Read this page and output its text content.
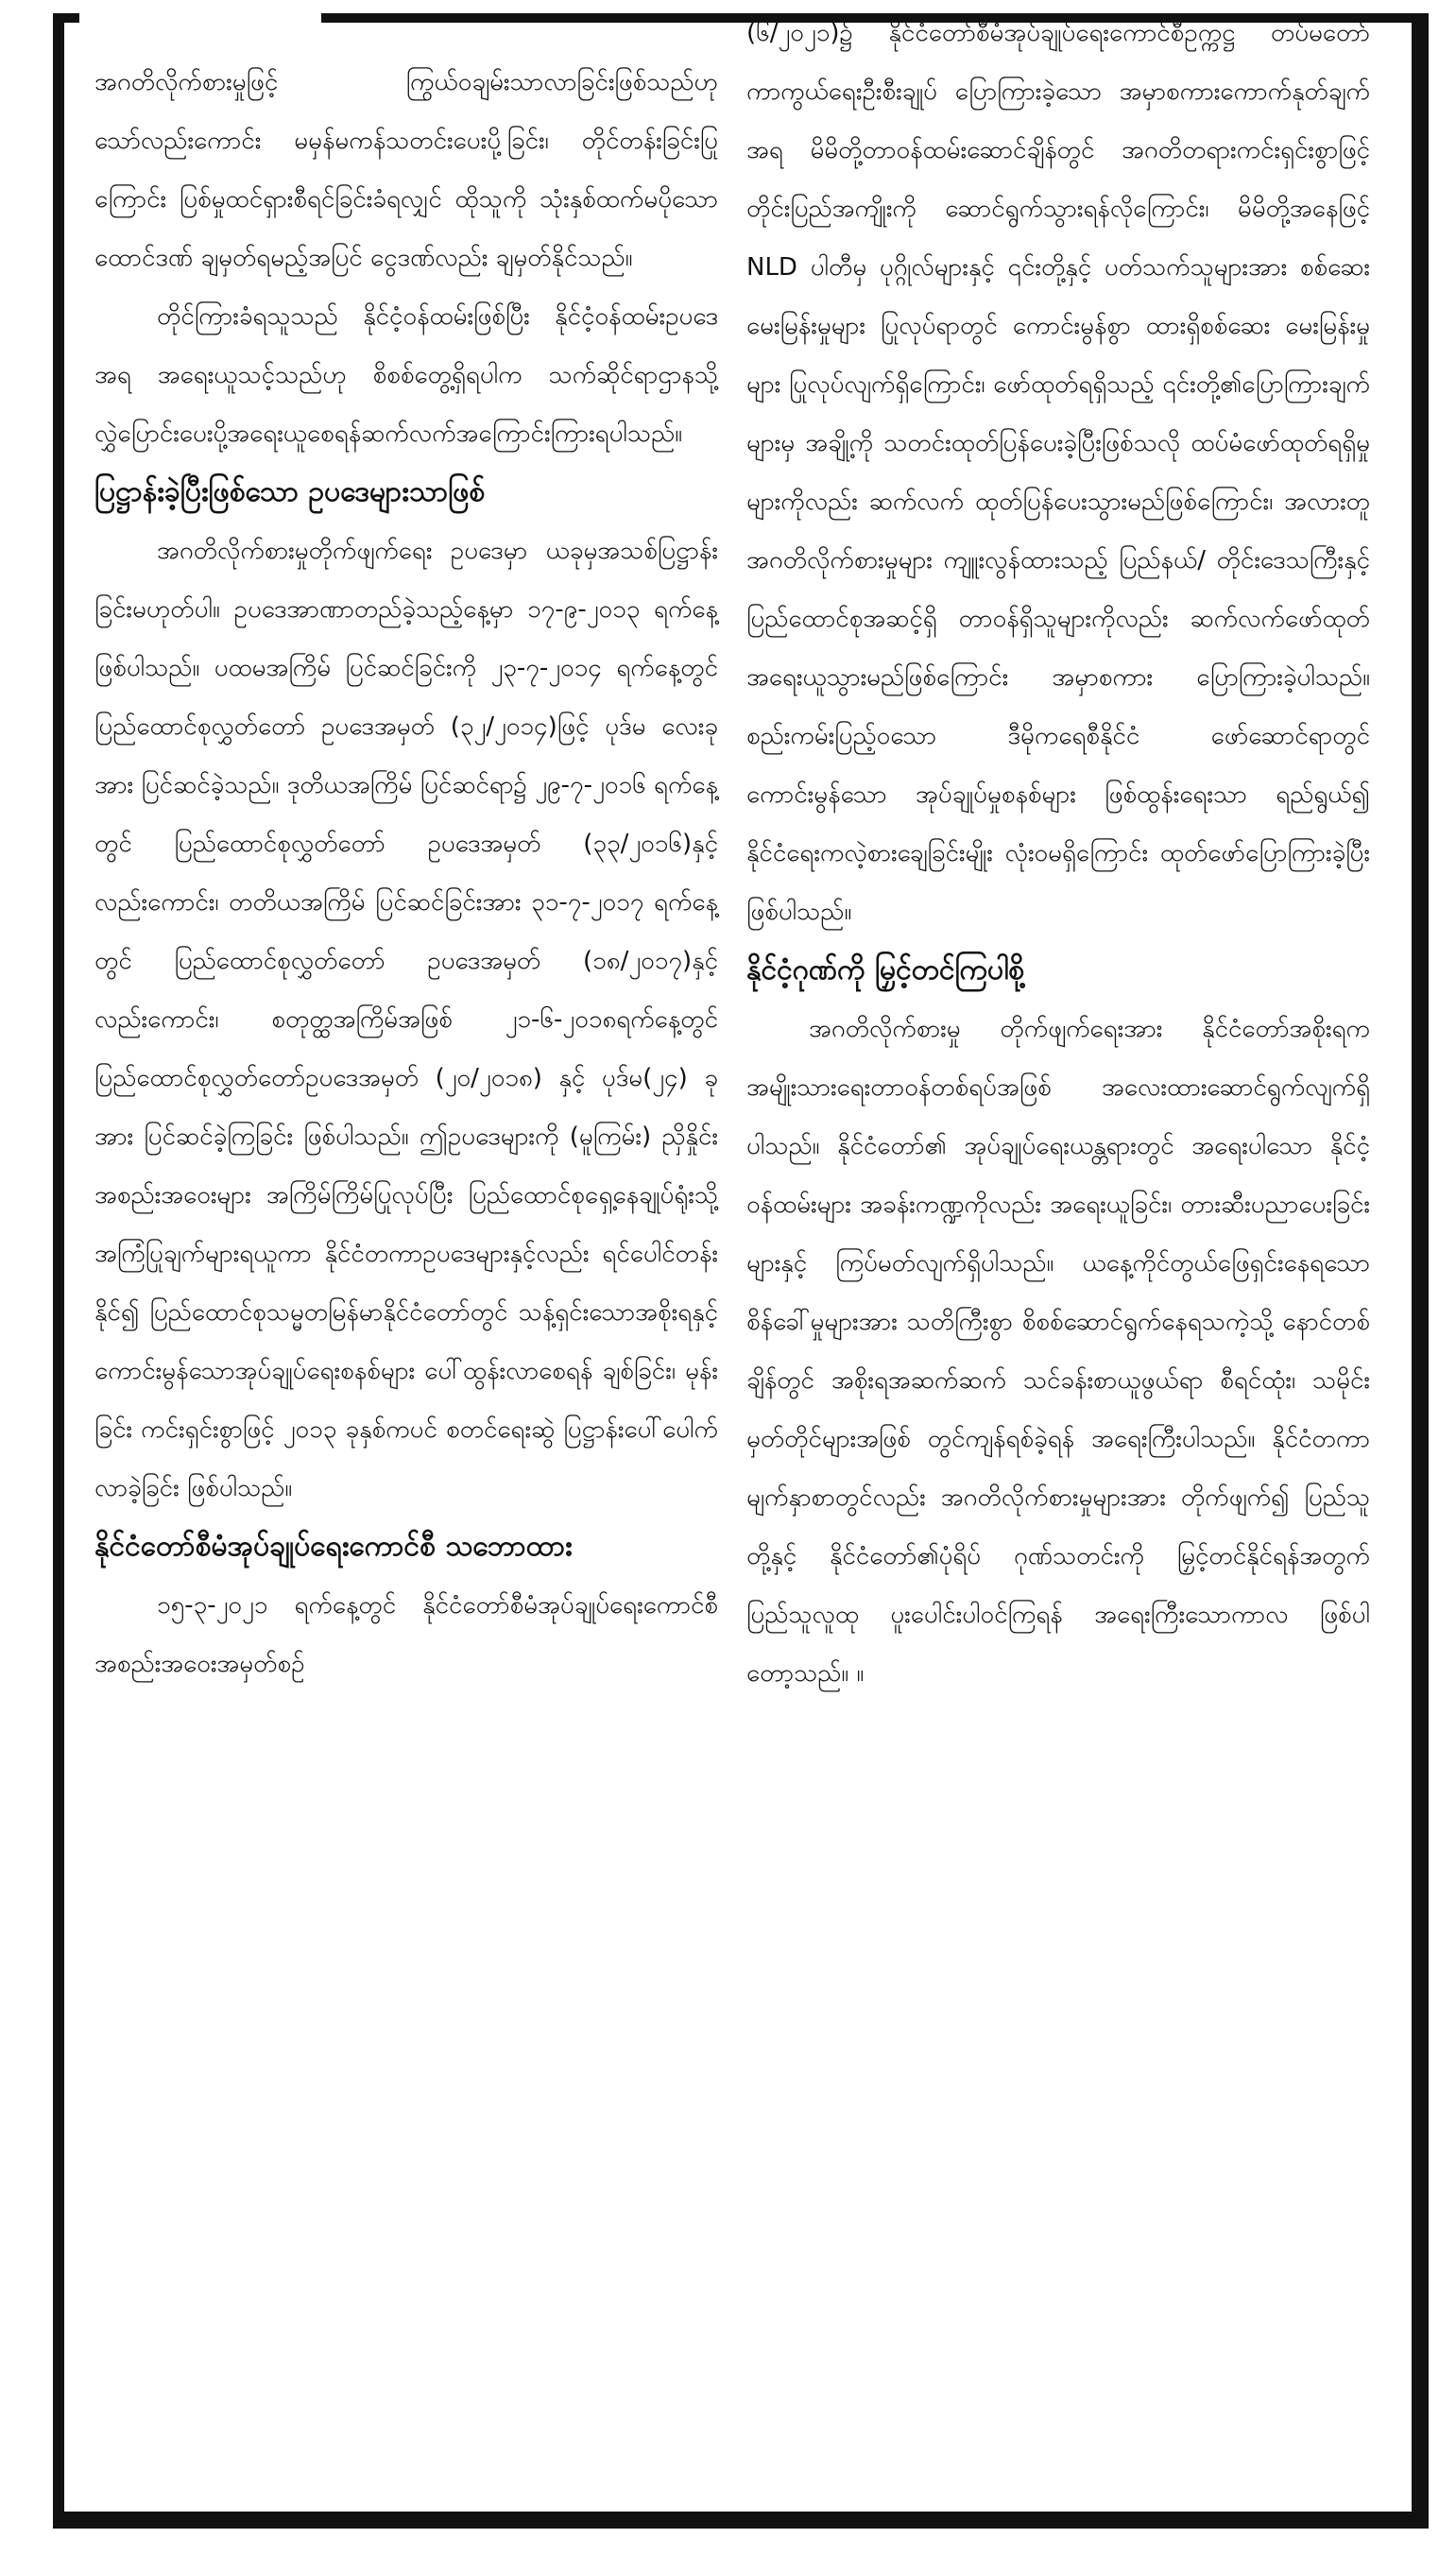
အဂတိလိုက်စားမှုဖြင့် ကြွယ်ဝချမ်းသာလာခြင်းဖြစ်သည်ဟုသော်လည်းကောင်း မမှန်မကန်သတင်းပေးပို့ခြင်း၊ တိုင်တန်းခြင်းပြုကြောင်း ပြစ်မှုထင်ရှားစီရင်ခြင်းခံရလျှင် ထိုသူကို သုံးနှစ်ထက်မပိုသော ထောင်ဒဏ် ချမှတ်ရမည့်အပြင် ငွေဒဏ်လည်း ချမှတ်နိုင်သည်။

တိုင်ကြားခံရသူသည် နိုင်ငံ့ဝန်ထမ်းဖြစ်ပြီး နိုင်ငံ့ဝန်ထမ်းဥပဒေအရ အရေးယူသင့်သည်ဟု စိစစ်တွေ့ရှိရပါက သက်ဆိုင်ရာဌာနသို့ လွှဲပြောင်းပေးပို့အရေးယူစေရန်ဆက်လက်အကြောင်းကြားရပါသည်။

ပြဋ္ဌာန်းခဲ့ပြီးဖြစ်သော ဥပဒေများသာဖြစ်

အဂတိလိုက်စားမှုတိုက်ဖျက်ရေး ဥပဒေမှာ ယခုမှအသစ်ပြဋ္ဌာန်းခြင်းမဟုတ်ပါ။ ဥပဒေအာဏာတည်ခဲ့သည့်နေ့မှာ ၁၇-၉-၂၀၁၃ ရက်နေ့ ဖြစ်ပါသည်။ ပထမအကြိမ် ပြင်ဆင်ခြင်းကို ၂၃-၇-၂၀၁၄ ရက်နေ့တွင် ပြည်ထောင်စုလွှတ်တော် ဥပဒေအမှတ် (၃၂/၂၀၁၄)ဖြင့် ပုဒ်မ လေးခုအား ပြင်ဆင်ခဲ့သည်။ ဒုတိယအကြိမ် ပြင်ဆင်ရာ၌ ၂၉-၇-၂၀၁၆ ရက်နေ့တွင် ပြည်ထောင်စုလွှတ်တော် ဥပဒေအမှတ် (၃၃/၂၀၁၆)နှင့်လည်းကောင်း၊ တတိယအကြိမ် ပြင်ဆင်ခြင်းအား ၃၁-၇-၂၀၁၇ ရက်နေ့တွင် ပြည်ထောင်စုလွှတ်တော် ဥပဒေအမှတ် (၁၈/၂၀၁၇)နှင့်လည်းကောင်း၊ စတုတ္ထအကြိမ်အဖြစ် ၂၁-၆-၂၀၁၈ရက်နေ့တွင် ပြည်ထောင်စုလွှတ်တော်ဥပဒေအမှတ် (၂၀/၂၀၁၈) နှင့် ပုဒ်မ(၂၄) ခုအား ပြင်ဆင်ခဲ့ကြခြင်း ဖြစ်ပါသည်။ ဤဥပဒေများကို (မူကြမ်း) ညှိနှိုင်းအစည်းအဝေးများ အကြိမ်ကြိမ်ပြုလုပ်ပြီး ပြည်ထောင်စုရှေ့နေချုပ်ရုံးသို့ အကြံပြုချက်များရယူကာ နိုင်ငံတကာဥပဒေများနှင့်လည်း ရင်ပေါင်တန်းနိုင်၍ ပြည်ထောင်စုသမ္မတမြန်မာနိုင်ငံတော်တွင် သန့်ရှင်းသောအစိုးရနှင့် ကောင်းမွန်သောအုပ်ချုပ်ရေးစနစ်များ ပေါ်ထွန်းလာစေရန် ချစ်ခြင်း၊ မုန်းခြင်း ကင်းရှင်းစွာဖြင့် ၂၀၁၃ ခုနှစ်ကပင် စတင်ရေးဆွဲ ပြဋ္ဌာန်းပေါ်ပေါက်လာခဲ့ခြင်း ဖြစ်ပါသည်။

နိုင်ငံတော်စီမံအုပ်ချုပ်ရေးကောင်စီ သဘောထား

၁၅-၃-၂၀၂၁ ရက်နေ့တွင် နိုင်ငံတော်စီမံအုပ်ချုပ်ရေးကောင်စီ အစည်းအဝေးအမှတ်စဉ်

(၆/၂၀၂၁)၌ နိုင်ငံတော်စီမံအုပ်ချုပ်ရေးကောင်စီဥက္ကဋ္ဌ တပ်မတော်ကာကွယ်ရေးဦးစီးချုပ် ပြောကြားခဲ့သော အမှာစကားကောက်နုတ်ချက်အရ မိမိတို့တာဝန်ထမ်းဆောင်ချိန်တွင် အဂတိတရားကင်းရှင်းစွာဖြင့် တိုင်းပြည်အကျိုးကို ဆောင်ရွက်သွားရန်လိုကြောင်း၊ မိမိတို့အနေဖြင့် NLD ပါတီမှ ပုဂ္ဂိုလ်များနှင့် ၎င်းတို့နှင့် ပတ်သက်သူများအား စစ်ဆေးမေးမြန်းမှုများ ပြုလုပ်ရာတွင် ကောင်းမွန်စွာ ထားရှိစစ်ဆေး မေးမြန်းမှုများ ပြုလုပ်လျက်ရှိကြောင်း၊ ဖော်ထုတ်ရရှိသည့် ၎င်းတို့၏ပြောကြားချက်များမှ အချို့ကို သတင်းထုတ်ပြန်ပေးခဲ့ပြီးဖြစ်သလို ထပ်မံဖော်ထုတ်ရရှိမှုများကိုလည်း ဆက်လက် ထုတ်ပြန်ပေးသွားမည်ဖြစ်ကြောင်း၊ အလားတူ အဂတိလိုက်စားမှုများ ကျူးလွန်ထားသည့် ပြည်နယ်/ တိုင်းဒေသကြီးနှင့် ပြည်ထောင်စုအဆင့်ရှိ တာဝန်ရှိသူများကိုလည်း ဆက်လက်ဖော်ထုတ် အရေးယူသွားမည်ဖြစ်ကြောင်း အမှာစကား ပြောကြားခဲ့ပါသည်။ စည်းကမ်းပြည့်ဝသော ဒီမိုကရေစီနိုင်ငံ ဖော်ဆောင်ရာတွင် ကောင်းမွန်သော အုပ်ချုပ်မှုစနစ်များ ဖြစ်ထွန်းရေးသာ ရည်ရွယ်၍ နိုင်ငံရေးကလဲ့စားချေခြင်းမျိုး လုံးဝမရှိကြောင်း ထုတ်ဖော်ပြောကြားခဲ့ပြီး ဖြစ်ပါသည်။

နိုင်ငံ့ဂုဏ်ကို မြှင့်တင်ကြပါစို့

အဂတိလိုက်စားမှု တိုက်ဖျက်ရေးအား နိုင်ငံတော်အစိုးရက အမျိုးသားရေးတာဝန်တစ်ရပ်အဖြစ် အလေးထားဆောင်ရွက်လျက်ရှိပါသည်။ နိုင်ငံတော်၏ အုပ်ချုပ်ရေးယန္တရားတွင် အရေးပါသော နိုင်ငံ့ဝန်ထမ်းများ အခန်းကဏ္ဍကိုလည်း အရေးယူခြင်း၊ တားဆီးပညာပေးခြင်းများနှင့် ကြပ်မတ်လျက်ရှိပါသည်။ ယနေ့ကိုင်တွယ်ဖြေရှင်းနေရသော စိန်ခေါ်မှုများအား သတိကြီးစွာ စိစစ်ဆောင်ရွက်နေရသကဲ့သို့ နောင်တစ်ချိန်တွင် အစိုးရအဆက်ဆက် သင်ခန်းစာယူဖွယ်ရာ စီရင်ထုံး၊ သမိုင်းမှတ်တိုင်များအဖြစ် တွင်ကျန်ရစ်ခဲ့ရန် အရေးကြီးပါသည်။ နိုင်ငံတကာမျက်နှာစာတွင်လည်း အဂတိလိုက်စားမှုများအား တိုက်ဖျက်၍ ပြည်သူတို့နှင့် နိုင်ငံတော်၏ပုံရိပ် ဂုဏ်သတင်းကို မြှင့်တင်နိုင်ရန်အတွက် ပြည်သူလူထု ပူးပေါင်းပါဝင်ကြရန် အရေးကြီးသောကာလ ဖြစ်ပါတော့သည်။ ။
